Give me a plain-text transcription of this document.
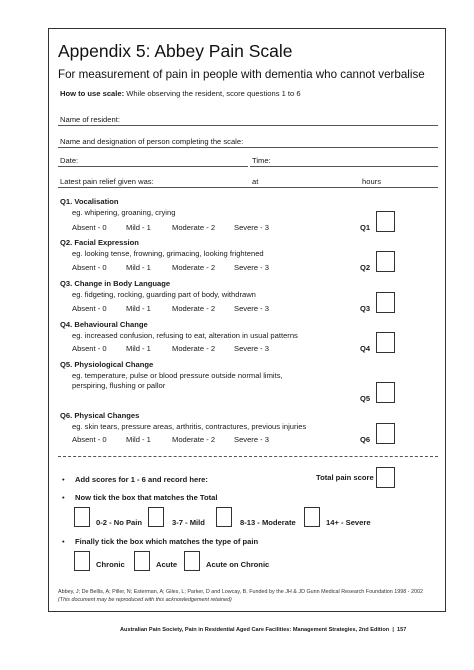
Appendix 5: Abbey Pain Scale
For measurement of pain in people with dementia who cannot verbalise
How to use scale: While observing the resident, score questions 1 to 6
Name of resident:
Name and designation of person completing the scale:
Date:	Time:
Latest pain relief given was:	at	hours
Q1. Vocalisation
eg. whipering, groaning, crying
Absent - 0	Mild - 1	Moderate - 2 Severe - 3	Q1
Q2. Facial Expression
eg. looking tense, frowning, grimacing, looking frightened
Absent - 0	Mild - 1	Moderate - 2 Severe - 3	Q2
Q3. Change in Body Language
eg. fidgeting, rocking, guarding part of body, withdrawn
Absent - 0	Mild - 1	Moderate - 2 Severe - 3	Q3
Q4. Behavioural Change
eg. increased confusion, refusing to eat, alteration in usual patterns
Absent - 0	Mild - 1	Moderate - 2 Severe - 3	Q4
Q5. Physiological Change
eg. temperature, pulse or blood pressure outside normal limits,
perspiring, flushing or pallor
Q5
Q6. Physical Changes
eg. skin tears, pressure areas, arthritis, contractures, previous injuries
Absent - 0	Mild - 1	Moderate - 2 Severe - 3	Q6
• Add scores for 1 - 6 and record here:	Total pain score
• Now tick the box that matches the Total
0-2 - No Pain	3-7 - Mild	8-13 - Moderate	14+ - Severe
• Finally tick the box which matches the type of pain
Chronic	Acute	Acute on Chronic
Abbey, J; De Bellis, A; Piller, N; Esterman, A; Giles, L; Parker, D and Lowcay, B. Funded by the JH & JD Gunn Medical Research Foundation 1998 - 2002
(This document may be reproduced with this acknowledgement retained)
Australian Pain Society, Pain in Residential Aged Care Facilities: Management Strategies, 2nd Edition | 157
